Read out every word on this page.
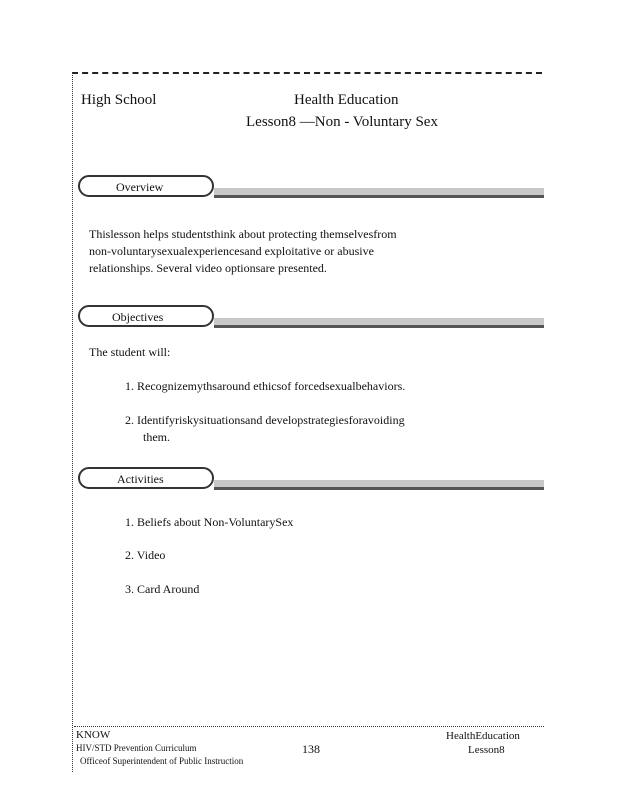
High School	Health Education
Lesson8 —Non - Voluntary Sex
Overview
Thislesson helps studentsthink about protecting themselvesfrom
non-voluntarysexualexperiencesand exploitative or abusive
relationships. Several video optionsare presented.
Objectives
The student will:
1. Recognizemythsaround ethicsof forcedsexualbehaviors.
2. Identifyriskysituationsand developstrategiesforavoiding
them.
Activities
1. Beliefs about Non-VoluntarySex
2. Video
3. Card Around
KNOW
HIV/STD Prevention Curriculum
Officeof Superintendent of Public Instruction
138
HealthEducation
Lesson8
